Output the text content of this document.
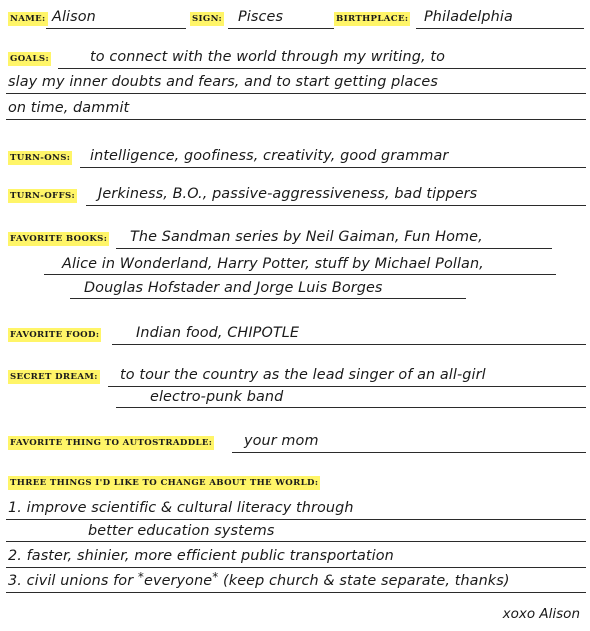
NAME: Alison	SIGN: Pisces	BIRTHPLACE: Philadelphia
GOALS:	to connect with the world through my writing, to
slay my inner doubts and fears, and to start getting places
on time, dammit
TURN-ONS: intelligence, goofiness, creativity, good grammar
TURN-OFFS: Jerkiness, B.O., passive-aggressiveness, bad tippers
FAVORITE BOOKS: The Sandman series by Neil Gaiman, Fun Home,
Alice in Wonderland, Harry Potter, stuff by Michael Pollan,
Douglas Hofstader and Jorge Luis Borges
FAVORITE FOOD:	Indian food, CHIPOTLE
SECRET DREAM: to tour the country as the lead singer of an all-girl
electro-punk band
FAVORITE THING TO AUTOSTRADDLE: your mom
THREE THINGS I'D LIKE TO CHANGE ABOUT THE WORLD:
1. improve scientific & cultural literacy through
better education systems
2. faster, shinier, more efficient public transportation
3. civil unions for *everyone* (keep church & state separate, thanks)
xoxo Alison
